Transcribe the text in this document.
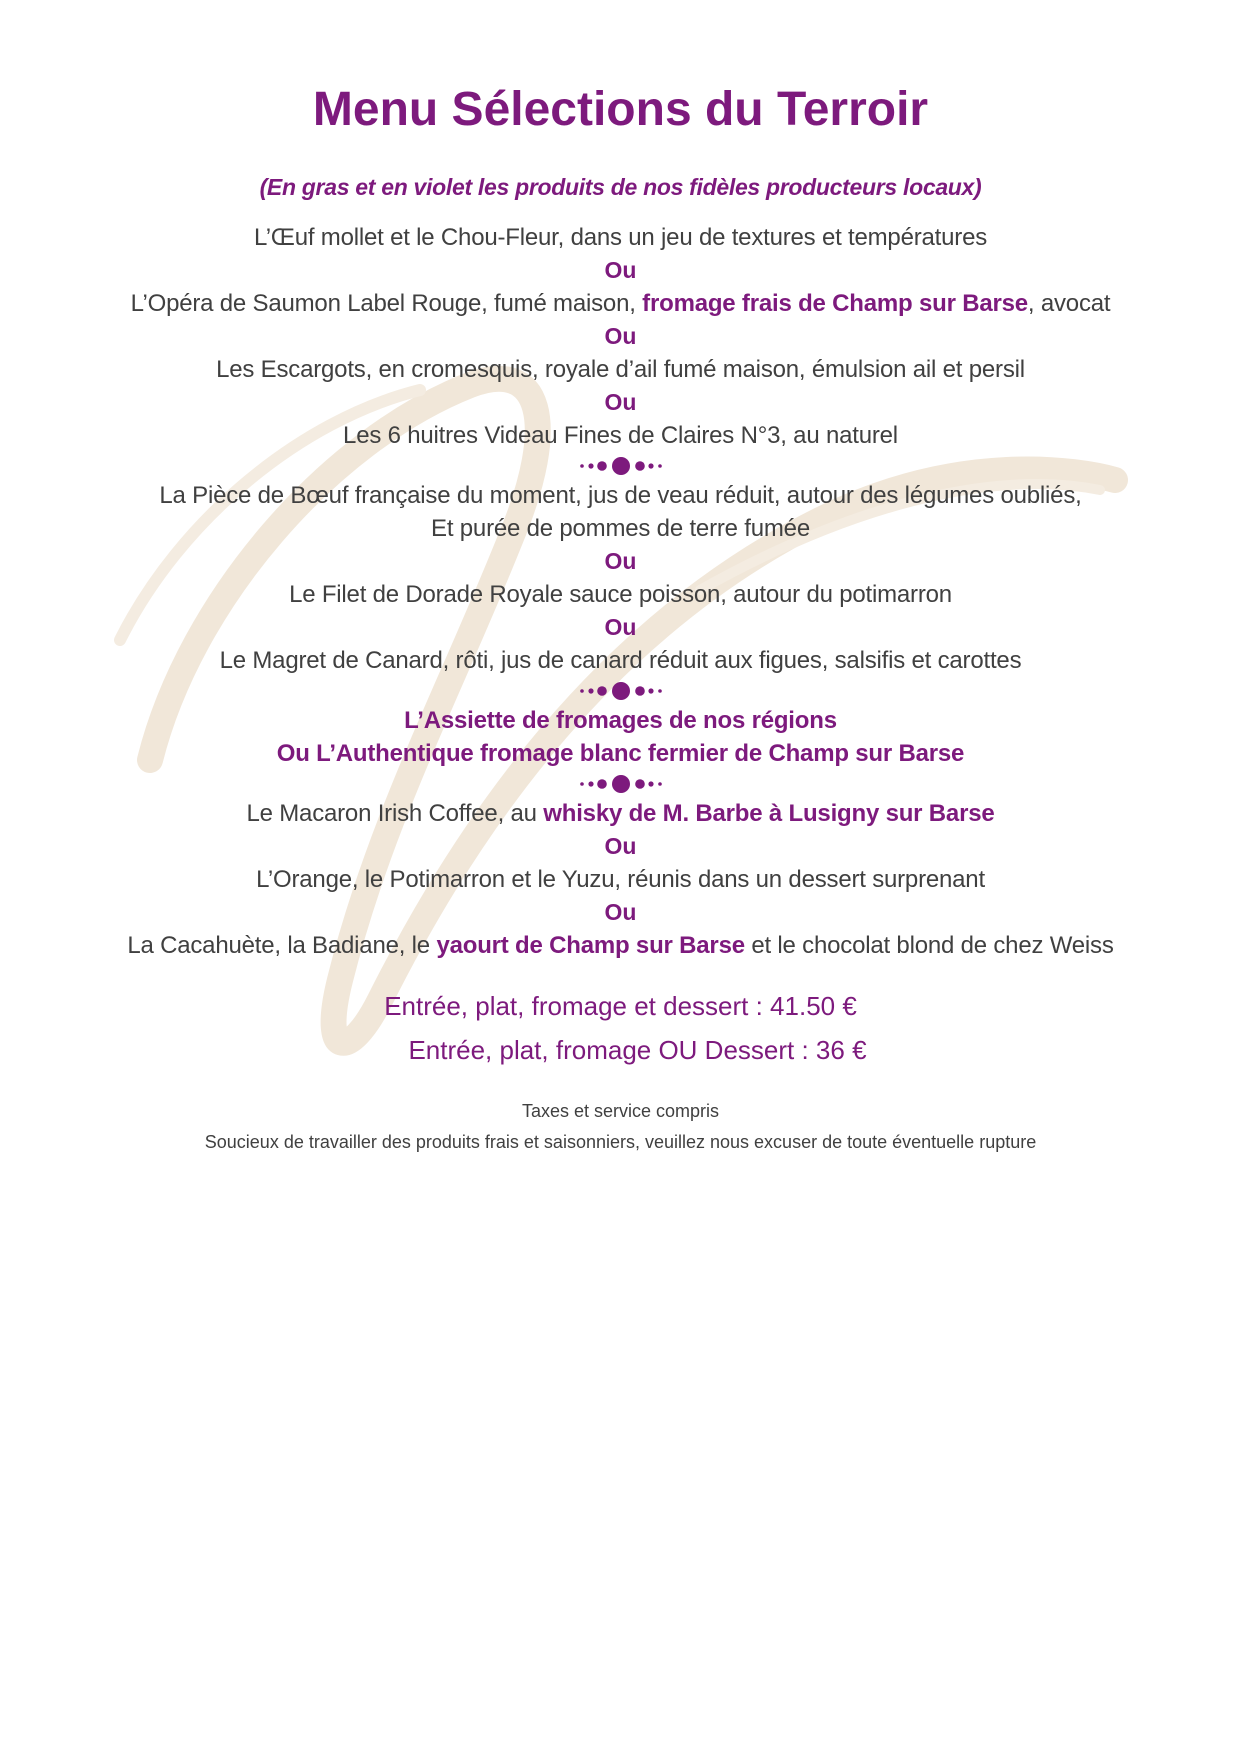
Menu Sélections du Terroir
(En gras et en violet les produits de nos fidèles producteurs locaux)
L’Œuf mollet et le Chou-Fleur, dans un jeu de textures et températures
Ou
L’Opéra de Saumon Label Rouge, fumé maison, fromage frais de Champ sur Barse, avocat
Ou
Les Escargots, en cromesquis, royale d’ail fumé maison, émulsion ail et persil
Ou
Les 6 huitres Videau Fines de Claires N°3, au naturel
La Pièce de Bœuf française du moment, jus de veau réduit, autour des légumes oubliés,
Et purée de pommes de terre fumée
Ou
Le Filet de Dorade Royale sauce poisson, autour du potimarron
Ou
Le Magret de Canard, rôti, jus de canard réduit aux figues, salsifis et carottes
L’Assiette de fromages de nos régions
Ou L’Authentique fromage blanc fermier de Champ sur Barse
Le Macaron Irish Coffee, au whisky de M. Barbe à Lusigny sur Barse
Ou
L’Orange, le Potimarron et le Yuzu, réunis dans un dessert surprenant
Ou
La Cacahuète, la Badiane, le yaourt de Champ sur Barse et le chocolat blond de chez Weiss
Entrée, plat, fromage et dessert : 41.50 €
Entrée, plat, fromage OU Dessert : 36 €
Taxes et service compris
Soucieux de travailler des produits frais et saisonniers, veuillez nous excuser de toute éventuelle rupture
